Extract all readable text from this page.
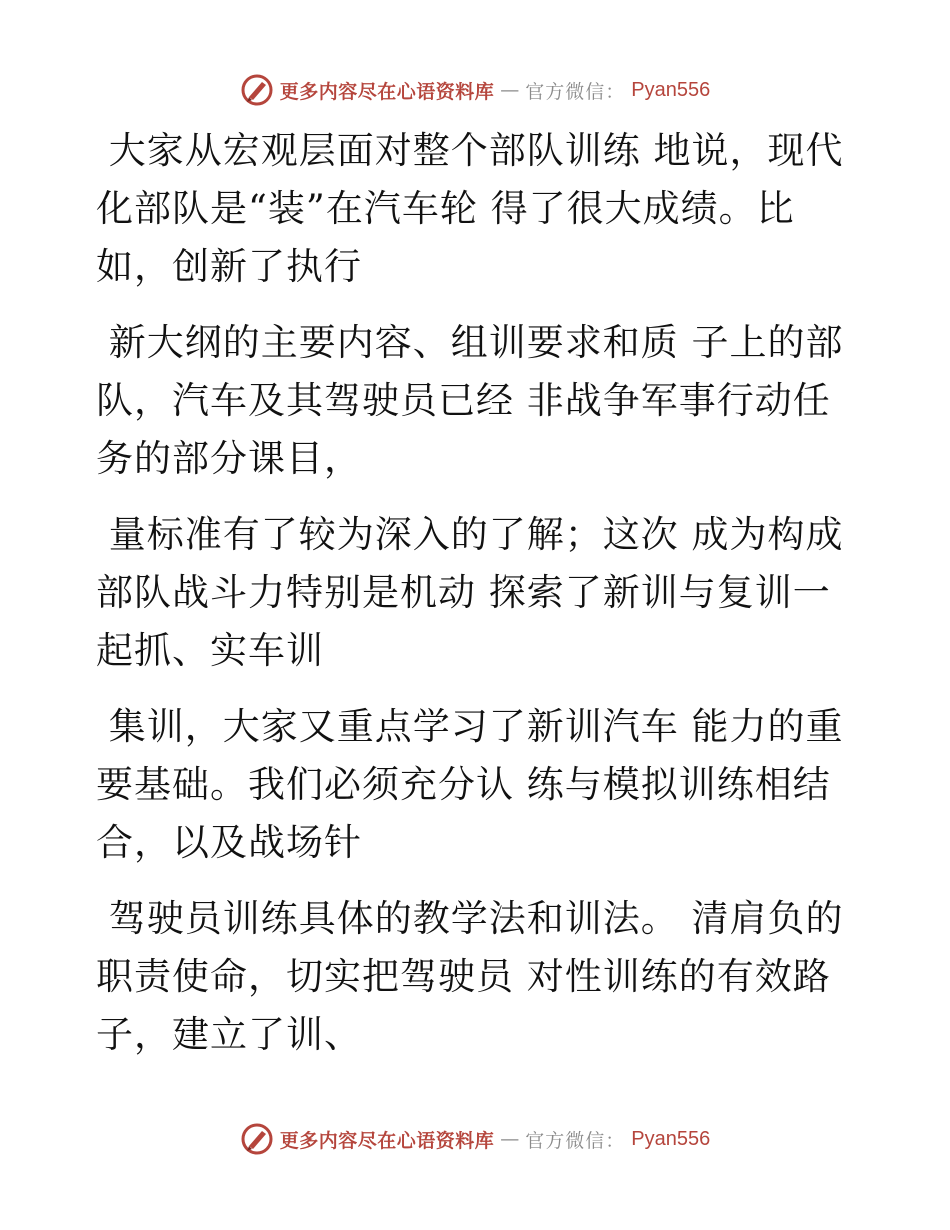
更多内容尽在心语资料库 — 官方微信： Pyan556

大家从宏观层面对整个部队训练 地说，现代化部队是“装”在汽车轮 得了很大成绩。比如，创新了执行

新大纲的主要内容、组训要求和质 子上的部队，汽车及其驾驶员已经 非战争军事行动任务的部分课目，

量标准有了较为深入的了解；这次 成为构成部队战斗力特别是机动 探索了新训与复训一起抓、实车训

集训，大家又重点学习了新训汽车 能力的重要基础。我们必须充分认 练与模拟训练相结合，以及战场针

驾驶员训练具体的教学法和训法。 清肩负的职责使命，切实把驾驶员 对性训练的有效路子，建立了训、

更多内容尽在心语资料库 — 官方微信： Pyan556
